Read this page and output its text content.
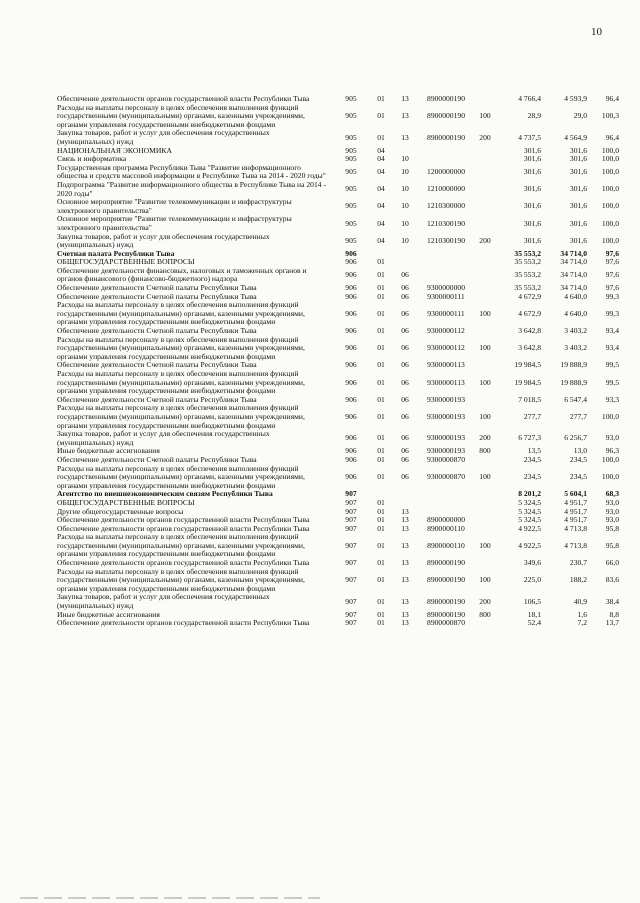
10
Обеспечение деятельности органов государственной власти Республики Тыва	905	01	13	8900000190		4 766,4	4 593,9	96,4
Расходы на выплаты персоналу в целях обеспечения выполнения функций государственными (муниципальными) органами, казенными учреждениями, органами управления государственными внебюджетными фондами	905	01	13	8900000190	100	28,9	29,0	100,3
Закупка товаров, работ и услуг для обеспечения государственных (муниципальных) нужд	905	01	13	8900000190	200	4 737,5	4 564,9	96,4
НАЦИОНАЛЬНАЯ ЭКОНОМИКА	905	04				301,6	301,6	100,0
Связь и информатика	905	04	10			301,6	301,6	100,0
Государственная программа Республики Тыва "Развитие информационного общества и средств массовой информации в Республике Тыва на 2014 - 2020 годы"	905	04	10	1200000000		301,6	301,6	100,0
Подпрограмма "Развитие информационного общества в Республике Тыва на 2014 - 2020 годы"	905	04	10	1210000000		301,6	301,6	100,0
Основное мероприятие "Развитие телекоммуникации и инфраструктуры электронного правительства"	905	04	10	1210300000		301,6	301,6	100,0
Основное мероприятие "Развитие телекоммуникации и инфраструктуры электронного правительства"	905	04	10	1210300190		301,6	301,6	100,0
Закупка товаров, работ и услуг для обеспечения государственных (муниципальных) нужд	905	04	10	1210300190	200	301,6	301,6	100,0
Счетная палата Республики Тыва	906					35 553,2	34 714,0	97,6
ОБЩЕГОСУДАРСТВЕННЫЕ ВОПРОСЫ	906	01				35 553,2	34 714,0	97,6
Обеспечение деятельности финансовых, налоговых и таможенных органов и органов финансового (финансово-бюджетного) надзора	906	01	06			35 553,2	34 714,0	97,6
Обеспечение деятельности Счетной палаты Республики Тыва	906	01	06	9300000000		35 553,2	34 714,0	97,6
Обеспечение деятельности Счетной палаты Республики Тыва	906	01	06	9300000111		4 672,9	4 640,0	99,3
Расходы на выплаты персоналу в целях обеспечения выполнения функций государственными (муниципальными) органами, казенными учреждениями, органами управления государственными внебюджетными фондами	906	01	06	9300000111	100	4 672,9	4 640,0	99,3
Обеспечение деятельности Счетной палаты Республики Тыва	906	01	06	9300000112		3 642,8	3 403,2	93,4
Расходы на выплаты персоналу в целях обеспечения выполнения функций государственными (муниципальными) органами, казенными учреждениями, органами управления государственными внебюджетными фондами	906	01	06	9300000112	100	3 642,8	3 403,2	93,4
Обеспечение деятельности Счетной палаты Республики Тыва	906	01	06	9300000113		19 984,5	19 888,9	99,5
Расходы на выплаты персоналу в целях обеспечения выполнения функций государственными (муниципальными) органами, казенными учреждениями, органами управления государственными внебюджетными фондами	906	01	06	9300000113	100	19 984,5	19 888,9	99,5
Обеспечение деятельности Счетной палаты Республики Тыва	906	01	06	9300000193		7 018,5	6 547,4	93,3
Расходы на выплаты персоналу в целях обеспечения выполнения функций государственными (муниципальными) органами, казенными учреждениями, органами управления государственными внебюджетными фондами	906	01	06	9300000193	100	277,7	277,7	100,0
Закупка товаров, работ и услуг для обеспечения государственных (муниципальных) нужд	906	01	06	9300000193	200	6 727,3	6 256,7	93,0
Иные бюджетные ассигнования	906	01	06	9300000193	800	13,5	13,0	96,3
Обеспечение деятельности Счетной палаты Республики Тыва	906	01	06	9300000870		234,5	234,5	100,0
Расходы на выплаты персоналу в целях обеспечения выполнения функций государственными (муниципальными) органами, казенными учреждениями, органами управления государственными внебюджетными фондами	906	01	06	9300000870	100	234,5	234,5	100,0
Агентство по внешнеэкономическим связям Республики Тыва	907					8 201,2	5 604,1	68,3
ОБЩЕГОСУДАРСТВЕННЫЕ ВОПРОСЫ	907	01				5 324,5	4 951,7	93,0
Другие общегосударственные вопросы	907	01	13			5 324,5	4 951,7	93,0
Обеспечение деятельности органов государственной власти Республики Тыва	907	01	13	8900000000		5 324,5	4 951,7	93,0
Обеспечение деятельности органов государственной власти Республики Тыва	907	01	13	8900000110		4 922,5	4 713,8	95,8
Расходы на выплаты персоналу в целях обеспечения выполнения функций государственными (муниципальными) органами, казенными учреждениями, органами управления государственными внебюджетными фондами	907	01	13	8900000110	100	4 922,5	4 713,8	95,8
Обеспечение деятельности органов государственной власти Республики Тыва	907	01	13	8900000190		349,6	230,7	66,0
Расходы на выплаты персоналу в целях обеспечения выполнения функций государственными (муниципальными) органами, казенными учреждениями, органами управления государственными внебюджетными фондами	907	01	13	8900000190	100	225,0	188,2	83,6
Закупка товаров, работ и услуг для обеспечения государственных (муниципальных) нужд	907	01	13	8900000190	200	106,5	40,9	38,4
Иные бюджетные ассигнования	907	01	13	8900000190	800	18,1	1,6	8,8
Обеспечение деятельности органов государственной власти Республики Тыва	907	01	13	8900000870		52,4	7,2	13,7
